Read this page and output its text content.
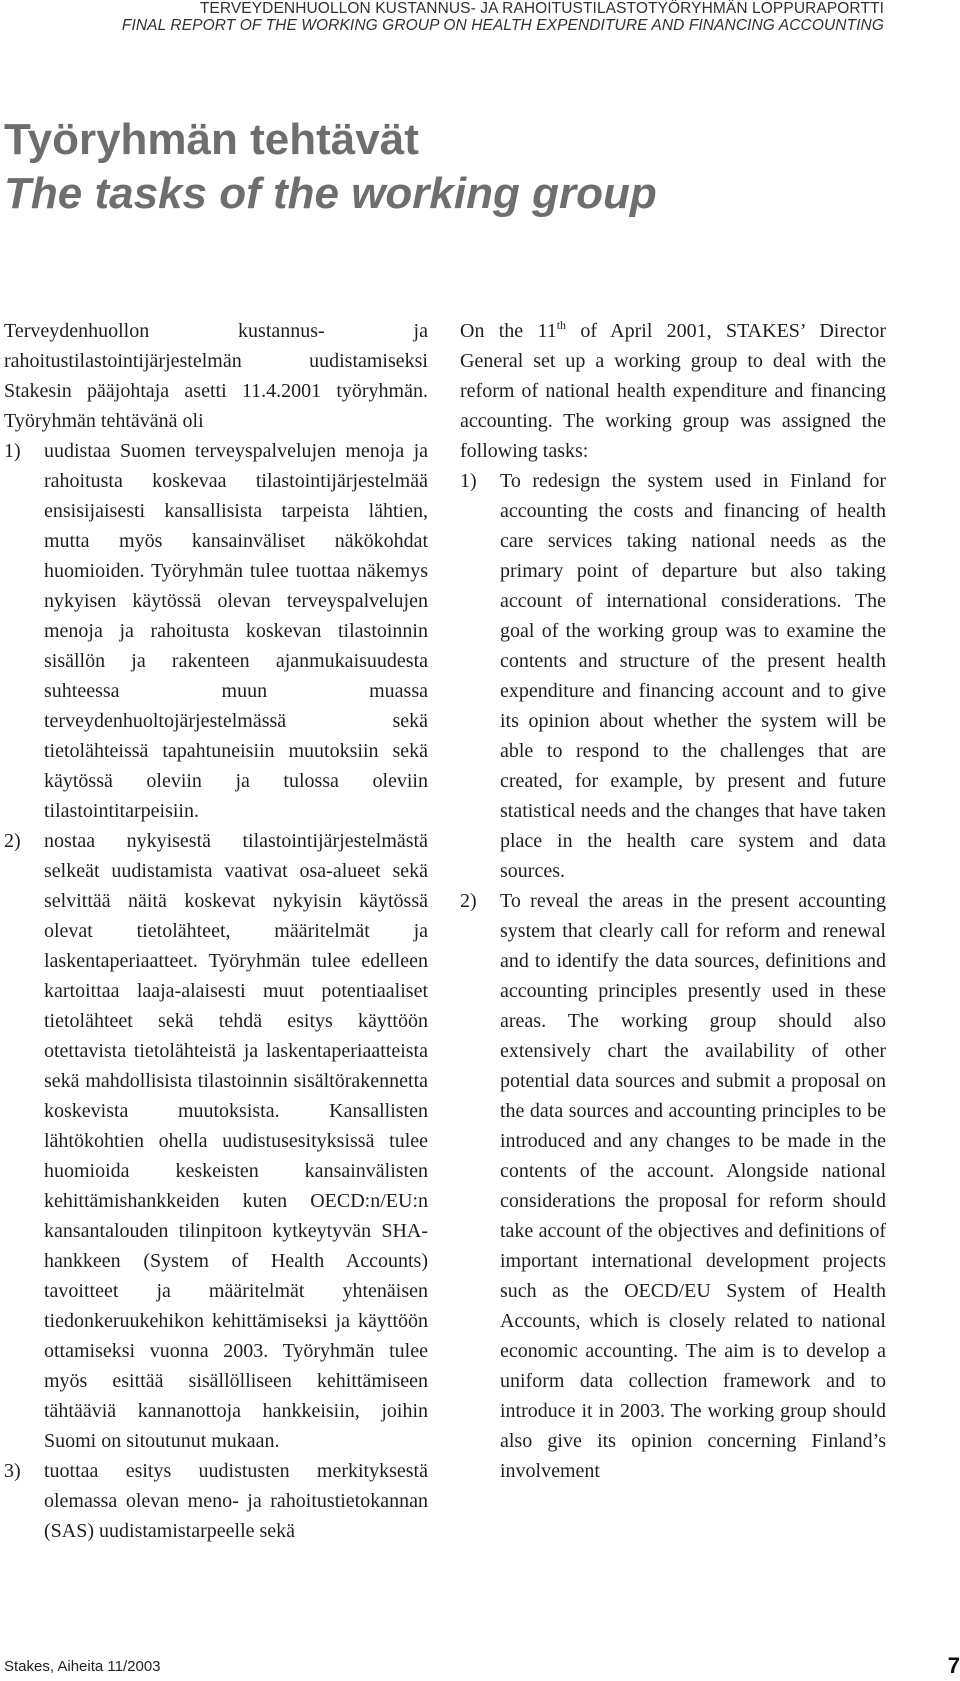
TERVEYDENHUOLLON KUSTANNUS- JA RAHOITUSTILASTOTYÖRYHMÄN LOPPURAPORTTI
FINAL REPORT OF THE WORKING GROUP ON HEALTH EXPENDITURE AND FINANCING ACCOUNTING
Työryhmän tehtävät
The tasks of the working group

Terveydenhuollon kustannus- ja rahoitustilastointijärjestelmän uudistamiseksi Stakesin pääjohtaja asetti 11.4.2001 työryhmän. Työryhmän tehtävänä oli

1) uudistaa Suomen terveyspalvelujen menoja ja rahoitusta koskevaa tilastointijärjestelmää ensisijaisesti kansallisista tarpeista lähtien, mutta myös kansainväliset näkökohdat huomioiden. Työryhmän tulee tuottaa näkemys nykyisen käytössä olevan terveyspalvelujen menoja ja rahoitusta koskevan tilastoinnin sisällön ja rakenteen ajanmukaisuudesta suhteessa muun muassa terveydenhuoltojärjestelmässä sekä tietolähteissä tapahtuneisiin muutoksiin sekä käytössä oleviin ja tulossa oleviin tilastointitarpeisiin.
2) nostaa nykyisestä tilastointijärjestelmästä selkeät uudistamista vaativat osa-alueet sekä selvittää näitä koskevat nykyisin käytössä olevat tietolähteet, määritelmät ja laskentaperiaatteet. Työryhmän tulee edelleen kartoittaa laaja-alaisesti muut potentiaaliset tietolähteet sekä tehdä esitys käyttöön otettavista tietolähteistä ja laskentaperiaatteista sekä mahdollisista tilastoinnin sisältörakennetta koskevista muutoksista. Kansallisten lähtökohtien ohella uudistusesityksissä tulee huomioida keskeisten kansainvälisten kehittämishankkeiden kuten OECD:n/EU:n kansantalouden tilinpitoon kytkeytyvän SHA-hankkeen (System of Health Accounts) tavoitteet ja määritelmät yhtenäisen tiedonkeruukehikon kehittämiseksi ja käyttöön ottamiseksi vuonna 2003. Työryhmän tulee myös esittää sisällölliseen kehittämiseen tähtääviä kannanottoja hankkeisiin, joihin Suomi on sitoutunut mukaan.
3) tuottaa esitys uudistusten merkityksestä olemassa olevan meno- ja rahoitustietokannan (SAS) uudistamistarpeelle sekä

On the 11th of April 2001, STAKES’ Director General set up a working group to deal with the reform of national health expenditure and financing accounting. The working group was assigned the following tasks:

1) To redesign the system used in Finland for accounting the costs and financing of health care services taking national needs as the primary point of departure but also taking account of international considerations. The goal of the working group was to examine the contents and structure of the present health expenditure and financing account and to give its opinion about whether the system will be able to respond to the challenges that are created, for example, by present and future statistical needs and the changes that have taken place in the health care system and data sources.
2) To reveal the areas in the present accounting system that clearly call for reform and renewal and to identify the data sources, definitions and accounting principles presently used in these areas. The working group should also extensively chart the availability of other potential data sources and submit a proposal on the data sources and accounting principles to be introduced and any changes to be made in the contents of the account. Alongside national considerations the proposal for reform should take account of the objectives and definitions of important international development projects such as the OECD/EU System of Health Accounts, which is closely related to national economic accounting. The aim is to develop a uniform data collection framework and to introduce it in 2003. The working group should also give its opinion concerning Finland’s involvement
Stakes, Aiheita 11/2003	7
